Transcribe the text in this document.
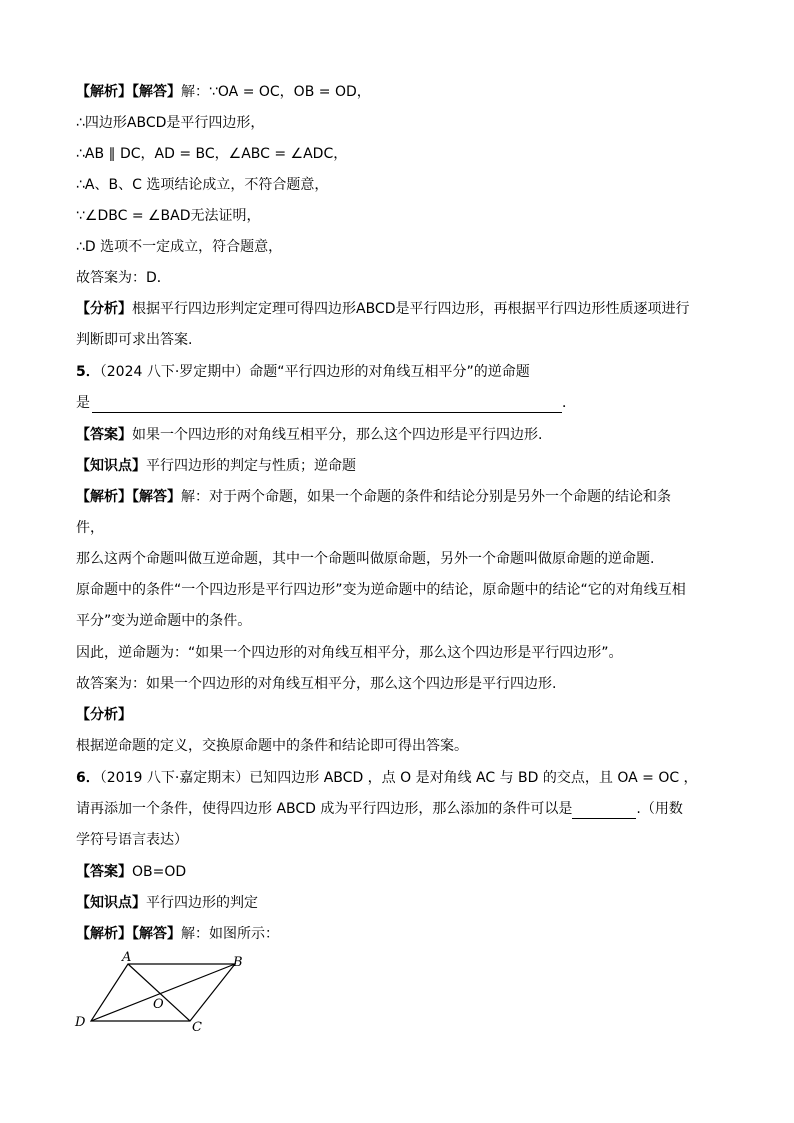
【解析】【解答】解：∵OA = OC，OB = OD，
∴四边形ABCD是平行四边形，
∴AB ∥ DC，AD = BC，∠ABC = ∠ADC，
∴A、B、C 选项结论成立，不符合题意，
∵∠DBC = ∠BAD无法证明，
∴D 选项不一定成立，符合题意，
故答案为：D．
【分析】根据平行四边形判定定理可得四边形ABCD是平行四边形，再根据平行四边形性质逐项进行
判断即可求出答案.
5．（2024 八下·罗定期中）命题“平行四边形的对角线互相平分”的逆命题
是	．
【答案】如果一个四边形的对角线互相平分，那么这个四边形是平行四边形.
【知识点】平行四边形的判定与性质；逆命题
【解析】【解答】解：对于两个命题，如果一个命题的条件和结论分别是另外一个命题的结论和条
件，
那么这两个命题叫做互逆命题，其中一个命题叫做原命题，另外一个命题叫做原命题的逆命题.
原命题中的条件“一个四边形是平行四边形”变为逆命题中的结论，原命题中的结论“它的对角线互相
平分”变为逆命题中的条件。
因此，逆命题为：“如果一个四边形的对角线互相平分，那么这个四边形是平行四边形”。
故答案为：如果一个四边形的对角线互相平分，那么这个四边形是平行四边形.
【分析】
根据逆命题的定义，交换原命题中的条件和结论即可得出答案。
6．（2019 八下·嘉定期末）已知四边形 ABCD ，点 O 是对角线 AC 与 BD 的交点，且 OA = OC ，
请再添加一个条件，使得四边形 ABCD 成为平行四边形，那么添加的条件可以是	.（用数
学符号语言表达）
【答案】OB=OD
【知识点】平行四边形的判定
【解析】【解答】解：如图所示：
A	B
C
D
O
